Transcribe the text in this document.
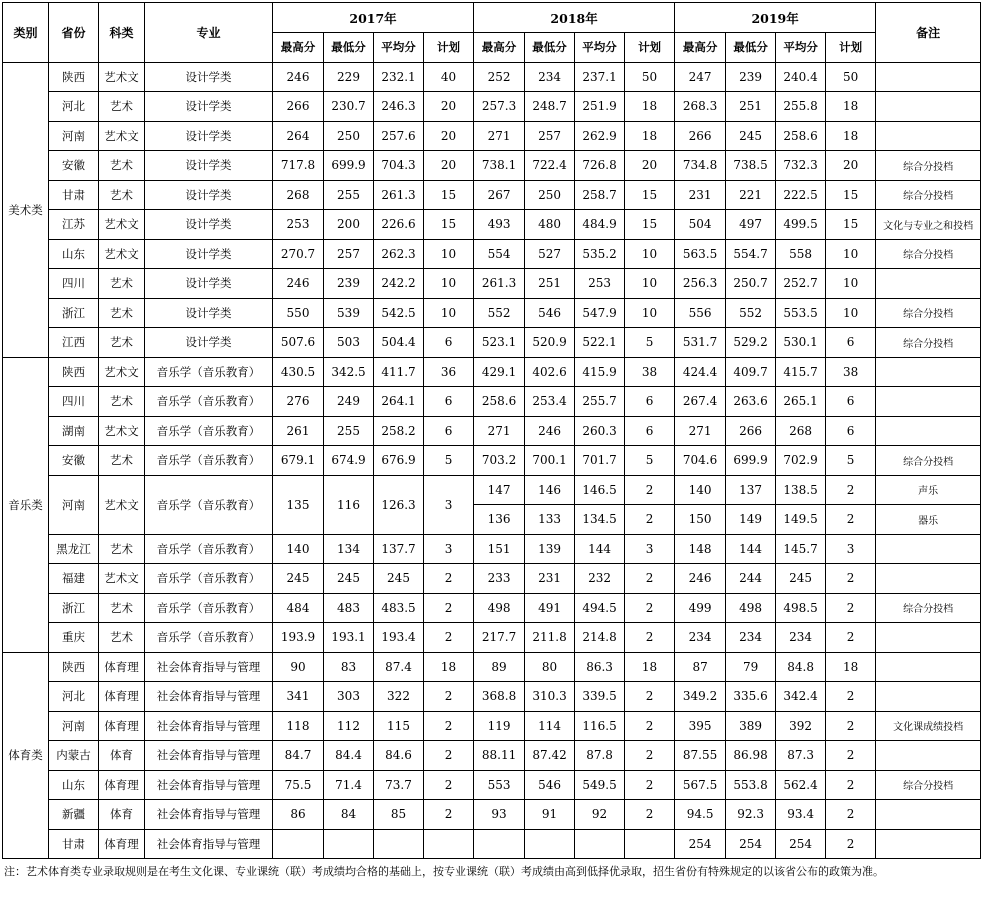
类别	省份	科类	专业	2017年				2018年				2019年				备注
				最高分	最低分	平均分	计划	最高分	最低分	平均分	计划	最高分	最低分	平均分	计划	
美术类	陕西	艺术文	设计学类	246	229	232.1	40	252	234	237.1	50	247	239	240.4	50	
	河北	艺术	设计学类	266	230.7	246.3	20	257.3	248.7	251.9	18	268.3	251	255.8	18	
	河南	艺术文	设计学类	264	250	257.6	20	271	257	262.9	18	266	245	258.6	18	
	安徽	艺术	设计学类	717.8	699.9	704.3	20	738.1	722.4	726.8	20	734.8	738.5	732.3	20	综合分投档
	甘肃	艺术	设计学类	268	255	261.3	15	267	250	258.7	15	231	221	222.5	15	综合分投档
	江苏	艺术文	设计学类	253	200	226.6	15	493	480	484.9	15	504	497	499.5	15	文化与专业之和投档
	山东	艺术文	设计学类	270.7	257	262.3	10	554	527	535.2	10	563.5	554.7	558	10	综合分投档
	四川	艺术	设计学类	246	239	242.2	10	261.3	251	253	10	256.3	250.7	252.7	10	
	浙江	艺术	设计学类	550	539	542.5	10	552	546	547.9	10	556	552	553.5	10	综合分投档
	江西	艺术	设计学类	507.6	503	504.4	6	523.1	520.9	522.1	5	531.7	529.2	530.1	6	综合分投档
音乐类	陕西	艺术文	音乐学（音乐教育）	430.5	342.5	411.7	36	429.1	402.6	415.9	38	424.4	409.7	415.7	38	
	四川	艺术	音乐学（音乐教育）	276	249	264.1	6	258.6	253.4	255.7	6	267.4	263.6	265.1	6	
	湖南	艺术文	音乐学（音乐教育）	261	255	258.2	6	271	246	260.3	6	271	266	268	6	
	安徽	艺术	音乐学（音乐教育）	679.1	674.9	676.9	5	703.2	700.1	701.7	5	704.6	699.9	702.9	5	综合分投档
	河南	艺术文	音乐学（音乐教育）	135	116	126.3	3	147	146	146.5	2	140	137	138.5	2	声乐
								136	133	134.5	2	150	149	149.5	2	器乐
	黑龙江	艺术	音乐学（音乐教育）	140	134	137.7	3	151	139	144	3	148	144	145.7	3	
	福建	艺术文	音乐学（音乐教育）	245	245	245	2	233	231	232	2	246	244	245	2	
	浙江	艺术	音乐学（音乐教育）	484	483	483.5	2	498	491	494.5	2	499	498	498.5	2	综合分投档
	重庆	艺术	音乐学（音乐教育）	193.9	193.1	193.4	2	217.7	211.8	214.8	2	234	234	234	2	
体育类	陕西	体育理	社会体育指导与管理	90	83	87.4	18	89	80	86.3	18	87	79	84.8	18	
	河北	体育理	社会体育指导与管理	341	303	322	2	368.8	310.3	339.5	2	349.2	335.6	342.4	2	
	河南	体育理	社会体育指导与管理	118	112	115	2	119	114	116.5	2	395	389	392	2	文化课成绩投档
	内蒙古	体育	社会体育指导与管理	84.7	84.4	84.6	2	88.11	87.42	87.8	2	87.55	86.98	87.3	2	
	山东	体育理	社会体育指导与管理	75.5	71.4	73.7	2	553	546	549.5	2	567.5	553.8	562.4	2	综合分投档
	新疆	体育	社会体育指导与管理	86	84	85	2	93	91	92	2	94.5	92.3	93.4	2	
	甘肃	体育理	社会体育指导与管理									254	254	254	2	
注：艺术体育类专业录取规则是在考生文化课、专业课统（联）考成绩均合格的基础上，按专业课统（联）考成绩由高到低择优录取，招生省份有特殊规定的以该省公布的政策为准。
